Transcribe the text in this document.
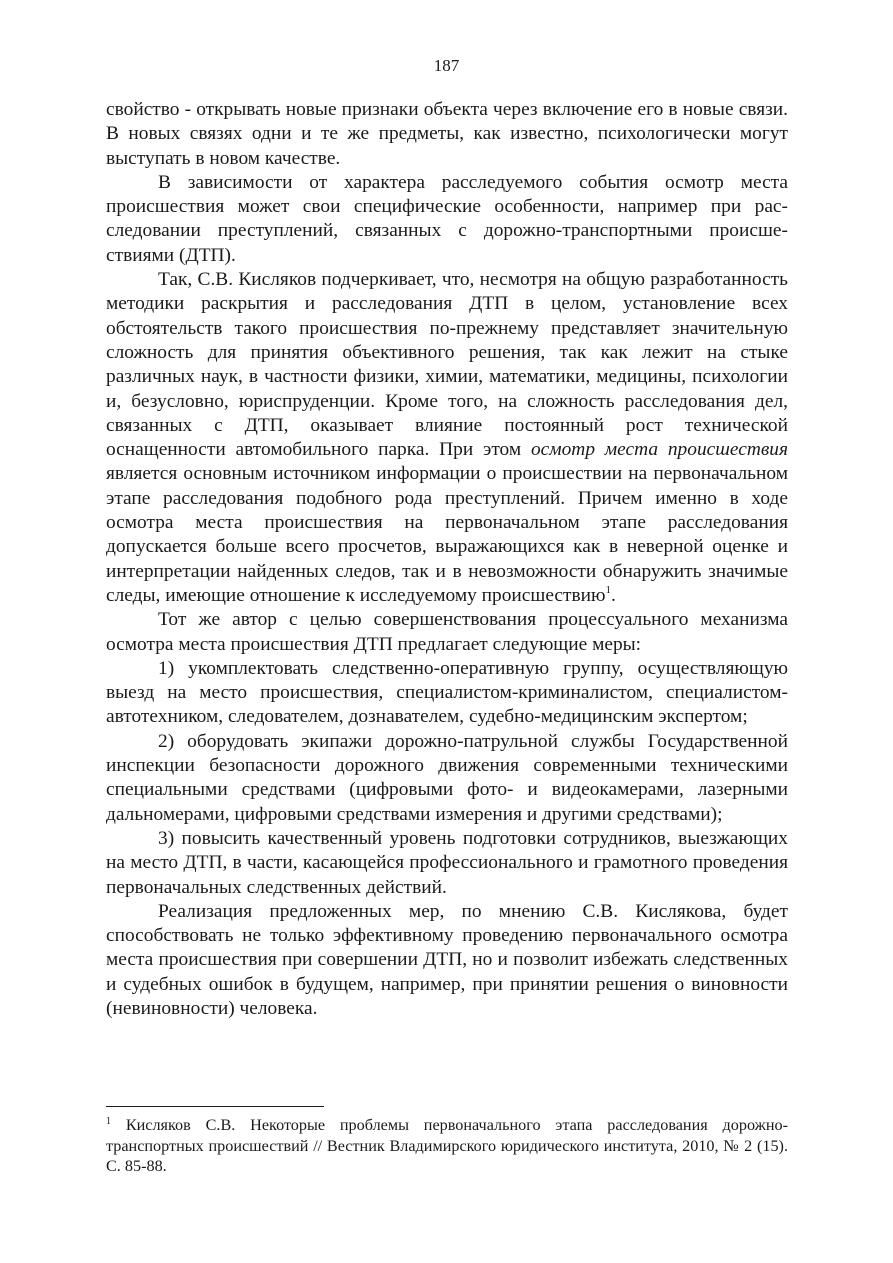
187

свойство - открывать новые признаки объекта через включение его в новые связи. В новых связях одни и те же предметы, как известно, психологически могут выступать в новом качестве.

В зависимости от характера расследуемого события осмотр места происшествия может свои специфические особенности, например при расследовании преступлений, связанных с дорожно-транспортными происшествиями (ДТП).

Так, С.В. Кисляков подчеркивает, что, несмотря на общую разработанность методики раскрытия и расследования ДТП в целом, установление всех обстоятельств такого происшествия по-прежнему представляет значительную сложность для принятия объективного решения, так как лежит на стыке различных наук, в частности физики, химии, математики, медицины, психологии и, безусловно, юриспруденции. Кроме того, на сложность расследования дел, связанных с ДТП, оказывает влияние постоянный рост технической оснащенности автомобильного парка. При этом осмотр места происшествия является основным источником информации о происшествии на первоначальном этапе расследования подобного рода преступлений. Причем именно в ходе осмотра места происшествия на первоначальном этапе расследования допускается больше всего просчетов, выражающихся как в неверной оценке и интерпретации найденных следов, так и в невозможности обнаружить значимые следы, имеющие отношение к исследуемому происшествию$^1$.

Тот же автор с целью совершенствования процессуального механизма осмотра места происшествия ДТП предлагает следующие меры:

1) укомплектовать следственно-оперативную группу, осуществляющую выезд на место происшествия, специалистом-криминалистом, специалистом-автотехником, следователем, дознавателем, судебно-медицинским экспертом;

2) оборудовать экипажи дорожно-патрульной службы Государственной инспекции безопасности дорожного движения современными техническими специальными средствами (цифровыми фото- и видеокамерами, лазерными дальномерами, цифровыми средствами измерения и другими средствами);

3) повысить качественный уровень подготовки сотрудников, выезжающих на место ДТП, в части, касающейся профессионального и грамотного проведения первоначальных следственных действий.

Реализация предложенных мер, по мнению С.В. Кислякова, будет способствовать не только эффективному проведению первоначального осмотра места происшествия при совершении ДТП, но и позволит избежать следственных и судебных ошибок в будущем, например, при принятии решения о виновности (невиновности) человека.

$^1$ Кисляков С.В. Некоторые проблемы первоначального этапа расследования дорожно-транспортных происшествий // Вестник Владимирского юридического института, 2010, № 2 (15). С. 85-88.
